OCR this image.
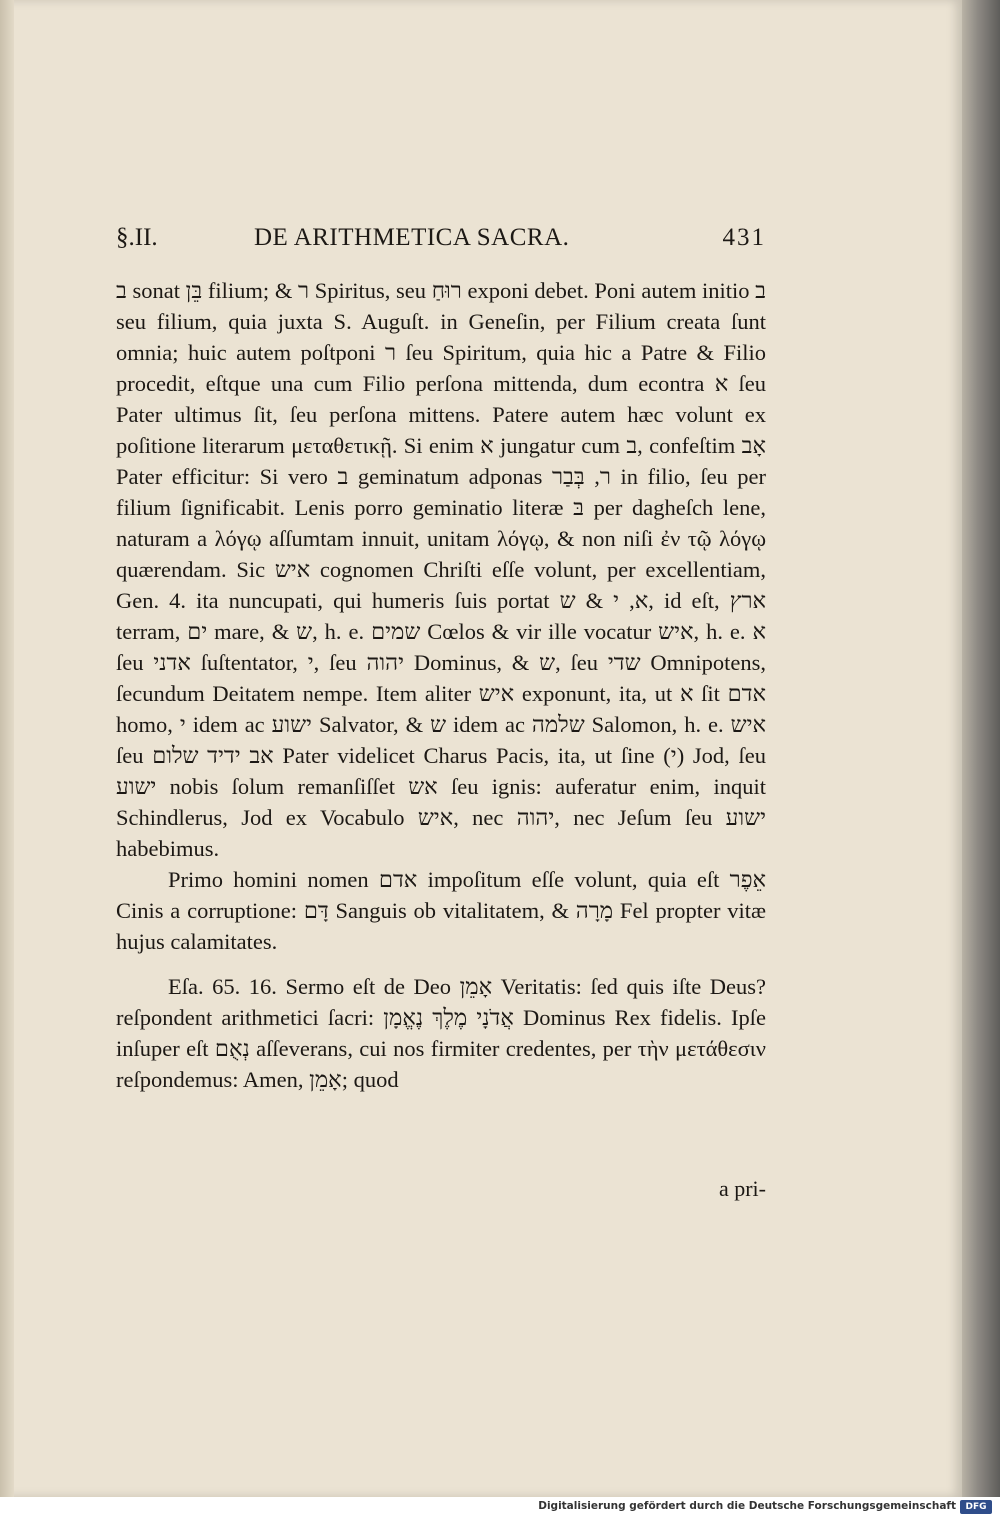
§.II.	DE ARITHMETICA SACRA.	431

ב sonat בֵּן filium; & ר Spiritus, seu רוּחַ exponi debet. Poni autem initio ב seu filium, quia juxta S. Auguſt. in Geneſin, per Filium creata ſunt omnia; huic autem poſtponi ר ſeu Spiritum, quia hic a Patre & Filio procedit, eſtque una cum Filio perſona mittenda, dum econtra א ſeu Pater ultimus ſit, ſeu perſona mittens. Patere autem hæc volunt ex poſitione literarum μεταθετικῇ. Si enim א jungatur cum ב, confeſtim אָב Pater efficitur: Si vero ב geminatum adponas ר, בְּבַר in filio, ſeu per filium ſignificabit. Lenis porro geminatio literæ בּ per dagheſch lene, naturam a λόγῳ aſſumtam innuit, unitam λόγῳ, & non niſi ἐν τῷ λόγῳ quærendam. Sic איש cognomen Chriſti eſſe volunt, per excellentiam, Gen. 4. ita nuncupati, qui humeris ſuis portat א, י & ש, id eſt, ארץ terram, ים mare, & ש, h. e. שמים Cœlos & vir ille vocatur איש, h. e. א ſeu אדני ſuſtentator, י, ſeu יהוה Dominus, & ש, ſeu שדי Omnipotens, ſecundum Deitatem nempe. Item aliter איש exponunt, ita, ut א ſit אדם homo, י idem ac ישוע Salvator, & ש idem ac שלמה Salomon, h. e. איש ſeu אב ידיד שלום Pater videlicet Charus Pacis, ita, ut ſine (י) Jod, ſeu ישוע nobis ſolum remanſiſſet אש ſeu ignis: auferatur enim, inquit Schindlerus, Jod ex Vocabulo איש, nec יהוה, nec Jeſum ſeu ישוע habebimus.

Primo homini nomen אדם impoſitum eſſe volunt, quia eſt אֵפֶר Cinis a corruptione: דָּם Sanguis ob vitalitatem, & מָרָה Fel propter vitæ hujus calamitates.

Eſa. 65. 16. Sermo eſt de Deo אָמֵן Veritatis: ſed quis iſte Deus? reſpondent arithmetici ſacri: אֲדֹנָי מֶלֶךְ נֶאֱמָן Dominus Rex fidelis. Ipſe inſuper eſt נְאֻם aſſeverans, cui nos firmiter credentes, per τὴν μετάθεσιν reſpondemus: Amen, אָמֵן; quod

a pri-
Digitalisierung gefördert durch die Deutsche Forschungsgemeinschaft	DFG
